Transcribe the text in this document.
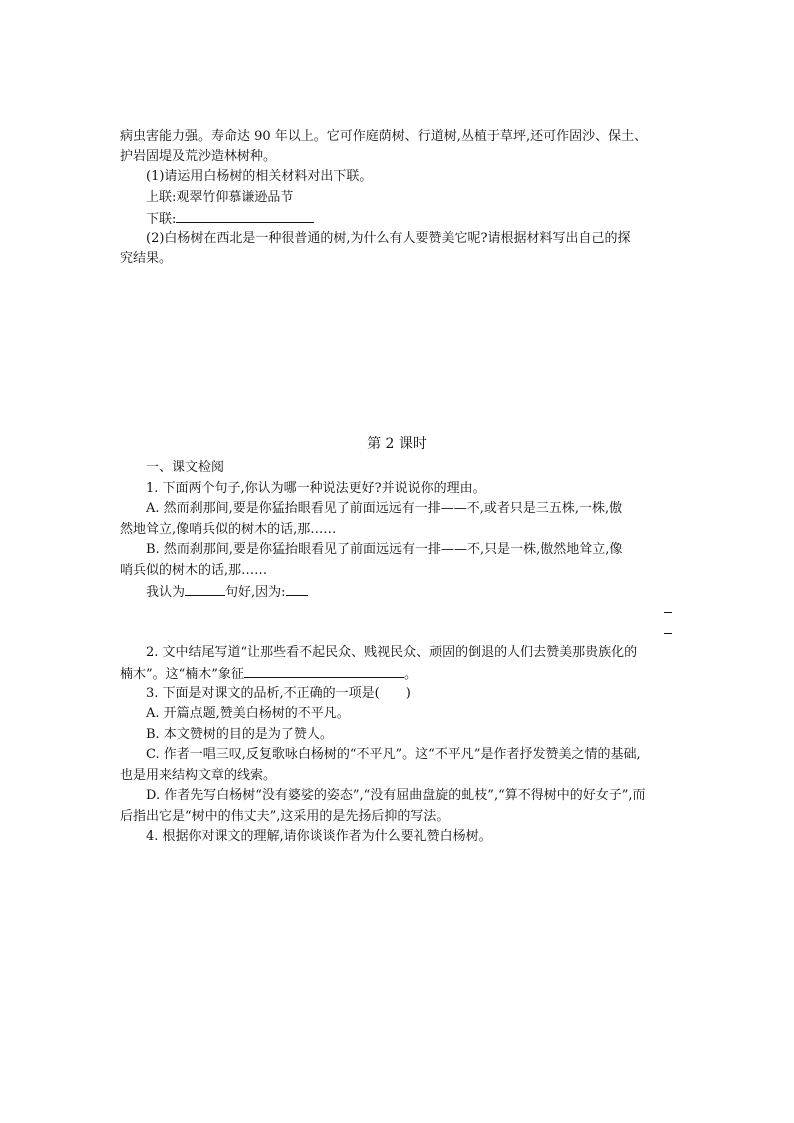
病虫害能力强。寿命达 90 年以上。它可作庭荫树、行道树,丛植于草坪,还可作固沙、保土、
护岩固堤及荒沙造林树种。
(1)请运用白杨树的相关材料对出下联。
上联:观翠竹仰慕谦逊品节
下联:
(2)白杨树在西北是一种很普通的树,为什么有人要赞美它呢?请根据材料写出自己的探
究结果。
第 2 课时
一、课文检阅
1. 下面两个句子,你认为哪一种说法更好?并说说你的理由。
A. 然而刹那间,要是你猛抬眼看见了前面远远有一排——不,或者只是三五株,一株,傲
然地耸立,像哨兵似的树木的话,那……
B. 然而刹那间,要是你猛抬眼看见了前面远远有一排——不,只是一株,傲然地耸立,像
哨兵似的树木的话,那……
我认为	句好,因为:
2. 文中结尾写道“让那些看不起民众、贱视民众、顽固的倒退的人们去赞美那贵族化的
楠木”。这“楠木”象征	。
3. 下面是对课文的品析,不正确的一项是(　　)
A. 开篇点题,赞美白杨树的不平凡。
B. 本文赞树的目的是为了赞人。
C. 作者一唱三叹,反复歌咏白杨树的“不平凡”。这“不平凡”是作者抒发赞美之情的基础,
也是用来结构文章的线索。
D. 作者先写白杨树“没有婆娑的姿态”,“没有屈曲盘旋的虬枝”,“算不得树中的好女子”,而
后指出它是“树中的伟丈夫”,这采用的是先扬后抑的写法。
4. 根据你对课文的理解,请你谈谈作者为什么要礼赞白杨树。
